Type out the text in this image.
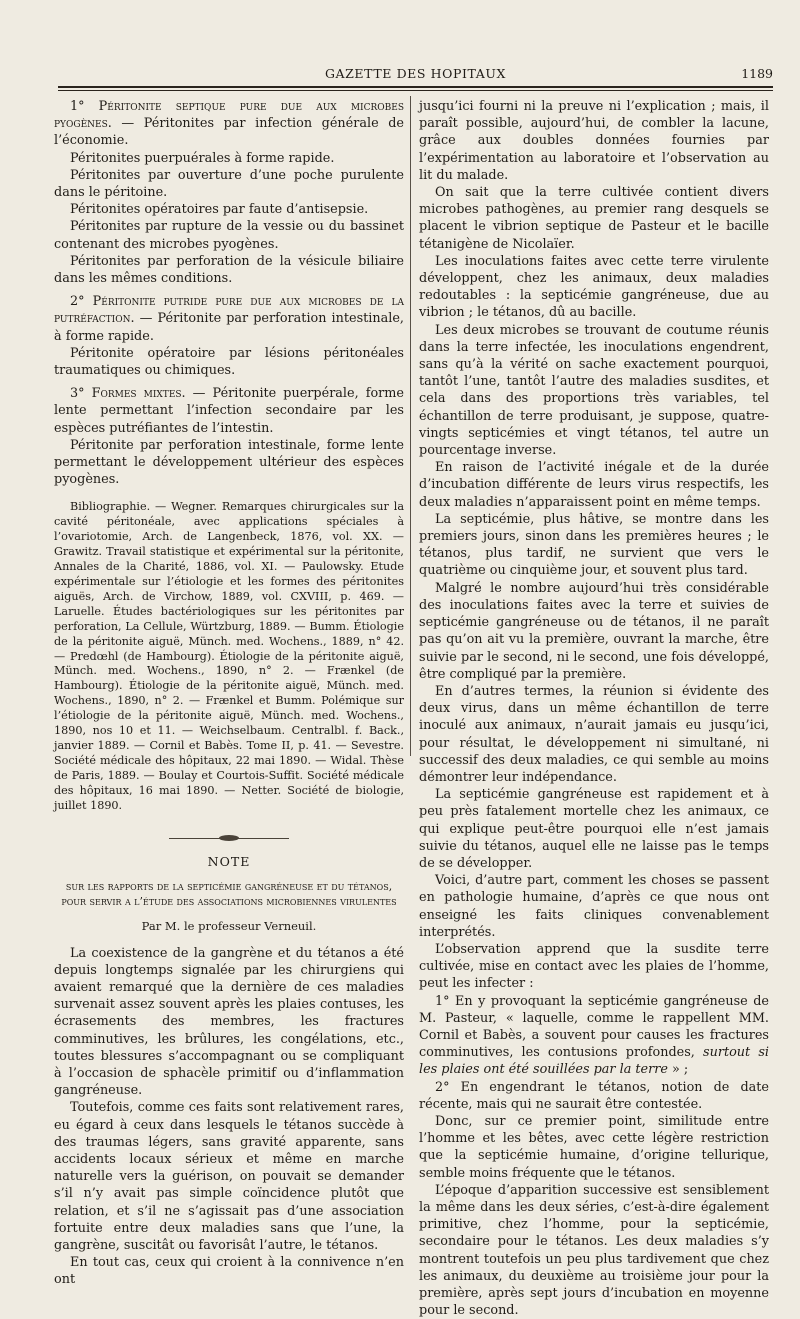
GAZETTE DES HOPITAUX	1189

1° Péritonite septique pure due aux microbes pyogènes. — Péritonites par infection générale de l’économie.

Péritonites puerpuérales à forme rapide.

Péritonites par ouverture d’une poche purulente dans le péritoine.

Péritonites opératoires par faute d’antisepsie.

Péritonites par rupture de la vessie ou du bassinet contenant des microbes pyogènes.

Péritonites par perforation de la vésicule biliaire dans les mêmes conditions.

2° Péritonite putride pure due aux microbes de la putréfaction. — Péritonite par perforation intestinale, à forme rapide.

Péritonite opératoire par lésions péritonéales traumatiques ou chimiques.

3° Formes mixtes. — Péritonite puerpérale, forme lente permettant l’infection secondaire par les espèces putréfiantes de l’intestin.

Péritonite par perforation intestinale, forme lente permettant le développement ultérieur des espèces pyogènes.

Bibliographie. — Wegner. Remarques chirurgicales sur la cavité péritonéale, avec applications spéciales à l’ovariotomie, Arch. de Langenbeck, 1876, vol. XX. — Grawitz. Travail statistique et expérimental sur la péritonite, Annales de la Charité, 1886, vol. XI. — Paulowsky. Etude expérimentale sur l’étiologie et les formes des péritonites aiguës, Arch. de Virchow, 1889, vol. CXVIII, p. 469. — Laruelle. Études bactériologiques sur les péritonites par perforation, La Cellule, Würtzburg, 1889. — Bumm. Étiologie de la péritonite aiguë, Münch. med. Wochens., 1889, n° 42. — Predœhl (de Hambourg). Étiologie de la péritonite aiguë, Münch. med. Wochens., 1890, n° 2. — Frænkel (de Hambourg). Étiologie de la péritonite aiguë, Münch. med. Wochens., 1890, n° 2. — Frænkel et Bumm. Polémique sur l’étiologie de la péritonite aiguë, Münch. med. Wochens., 1890, nos 10 et 11. — Weichselbaum. Centralbl. f. Back., janvier 1889. — Cornil et Babès. Tome II, p. 41. — Sevestre. Société médicale des hôpitaux, 22 mai 1890. — Widal. Thèse de Paris, 1889. — Boulay et Courtois-Suffit. Société médicale des hôpitaux, 16 mai 1890. — Netter. Société de biologie, juillet 1890.

NOTE
sur les rapports de la septicémie gangréneuse et du tétanos, pour servir a l’étude des associations microbiennes virulentes
Par M. le professeur Verneuil.

La coexistence de la gangrène et du tétanos a été depuis longtemps signalée par les chirurgiens qui avaient remarqué que la dernière de ces maladies survenait assez souvent après les plaies contuses, les écrasements des membres, les fractures comminutives, les brûlures, les congélations, etc., toutes blessures s’accompagnant ou se compliquant à l’occasion de sphacèle primitif ou d’inflammation gangréneuse.

Toutefois, comme ces faits sont relativement rares, eu égard à ceux dans lesquels le tétanos succède à des traumas légers, sans gravité apparente, sans accidents locaux sérieux et même en marche naturelle vers la guérison, on pouvait se demander s’il n’y avait pas simple coïncidence plutôt que relation, et s’il ne s’agissait pas d’une association fortuite entre deux maladies sans que l’une, la gangrène, suscitât ou favorisât l’autre, le tétanos.

En tout cas, ceux qui croient à la connivence n’en ont

jusqu’ici fourni ni la preuve ni l’explication ; mais, il paraît possible, aujourd’hui, de combler la lacune, grâce aux doubles données fournies par l’expérimentation au laboratoire et l’observation au lit du malade.

On sait que la terre cultivée contient divers microbes pathogènes, au premier rang desquels se placent le vibrion septique de Pasteur et le bacille tétanigène de Nicolaïer.

Les inoculations faites avec cette terre virulente développent, chez les animaux, deux maladies redoutables : la septicémie gangréneuse, due au vibrion ; le tétanos, dû au bacille.

Les deux microbes se trouvant de coutume réunis dans la terre infectée, les inoculations engendrent, sans qu’à la vérité on sache exactement pourquoi, tantôt l’une, tantôt l’autre des maladies susdites, et cela dans des proportions très variables, tel échantillon de terre produisant, je suppose, quatre-vingts septicémies et vingt tétanos, tel autre un pourcentage inverse.

En raison de l’activité inégale et de la durée d’incubation différente de leurs virus respectifs, les deux maladies n’apparaissent point en même temps.

La septicémie, plus hâtive, se montre dans les premiers jours, sinon dans les premières heures ; le tétanos, plus tardif, ne survient que vers le quatrième ou cinquième jour, et souvent plus tard.

Malgré le nombre aujourd’hui très considérable des inoculations faites avec la terre et suivies de septicémie gangréneuse ou de tétanos, il ne paraît pas qu’on ait vu la première, ouvrant la marche, être suivie par le second, ni le second, une fois développé, être compliqué par la première.

En d’autres termes, la réunion si évidente des deux virus, dans un même échantillon de terre inoculé aux animaux, n’aurait jamais eu jusqu’ici, pour résultat, le développement ni simultané, ni successif des deux maladies, ce qui semble au moins démontrer leur indépendance.

La septicémie gangréneuse est rapidement et à peu près fatalement mortelle chez les animaux, ce qui explique peut-être pourquoi elle n’est jamais suivie du tétanos, auquel elle ne laisse pas le temps de se développer.

Voici, d’autre part, comment les choses se passent en pathologie humaine, d’après ce que nous ont enseigné les faits cliniques convenablement interprétés.

L’observation apprend que la susdite terre cultivée, mise en contact avec les plaies de l’homme, peut les infecter :

1° En y provoquant la septicémie gangréneuse de M. Pasteur, « laquelle, comme le rappellent MM. Cornil et Babès, a souvent pour causes les fractures comminutives, les contusions profondes, surtout si les plaies ont été souillées par la terre » ;

2° En engendrant le tétanos, notion de date récente, mais qui ne saurait être contestée.

Donc, sur ce premier point, similitude entre l’homme et les bêtes, avec cette légère restriction que la septicémie humaine, d’origine tellurique, semble moins fréquente que le tétanos.

L’époque d’apparition successive est sensiblement la même dans les deux séries, c’est-à-dire également primitive, chez l’homme, pour la septicémie, secondaire pour le tétanos. Les deux maladies s’y montrent toutefois un peu plus tardivement que chez les animaux, du deuxième au troisième jour pour la première, après sept jours d’incubation en moyenne pour le second.
